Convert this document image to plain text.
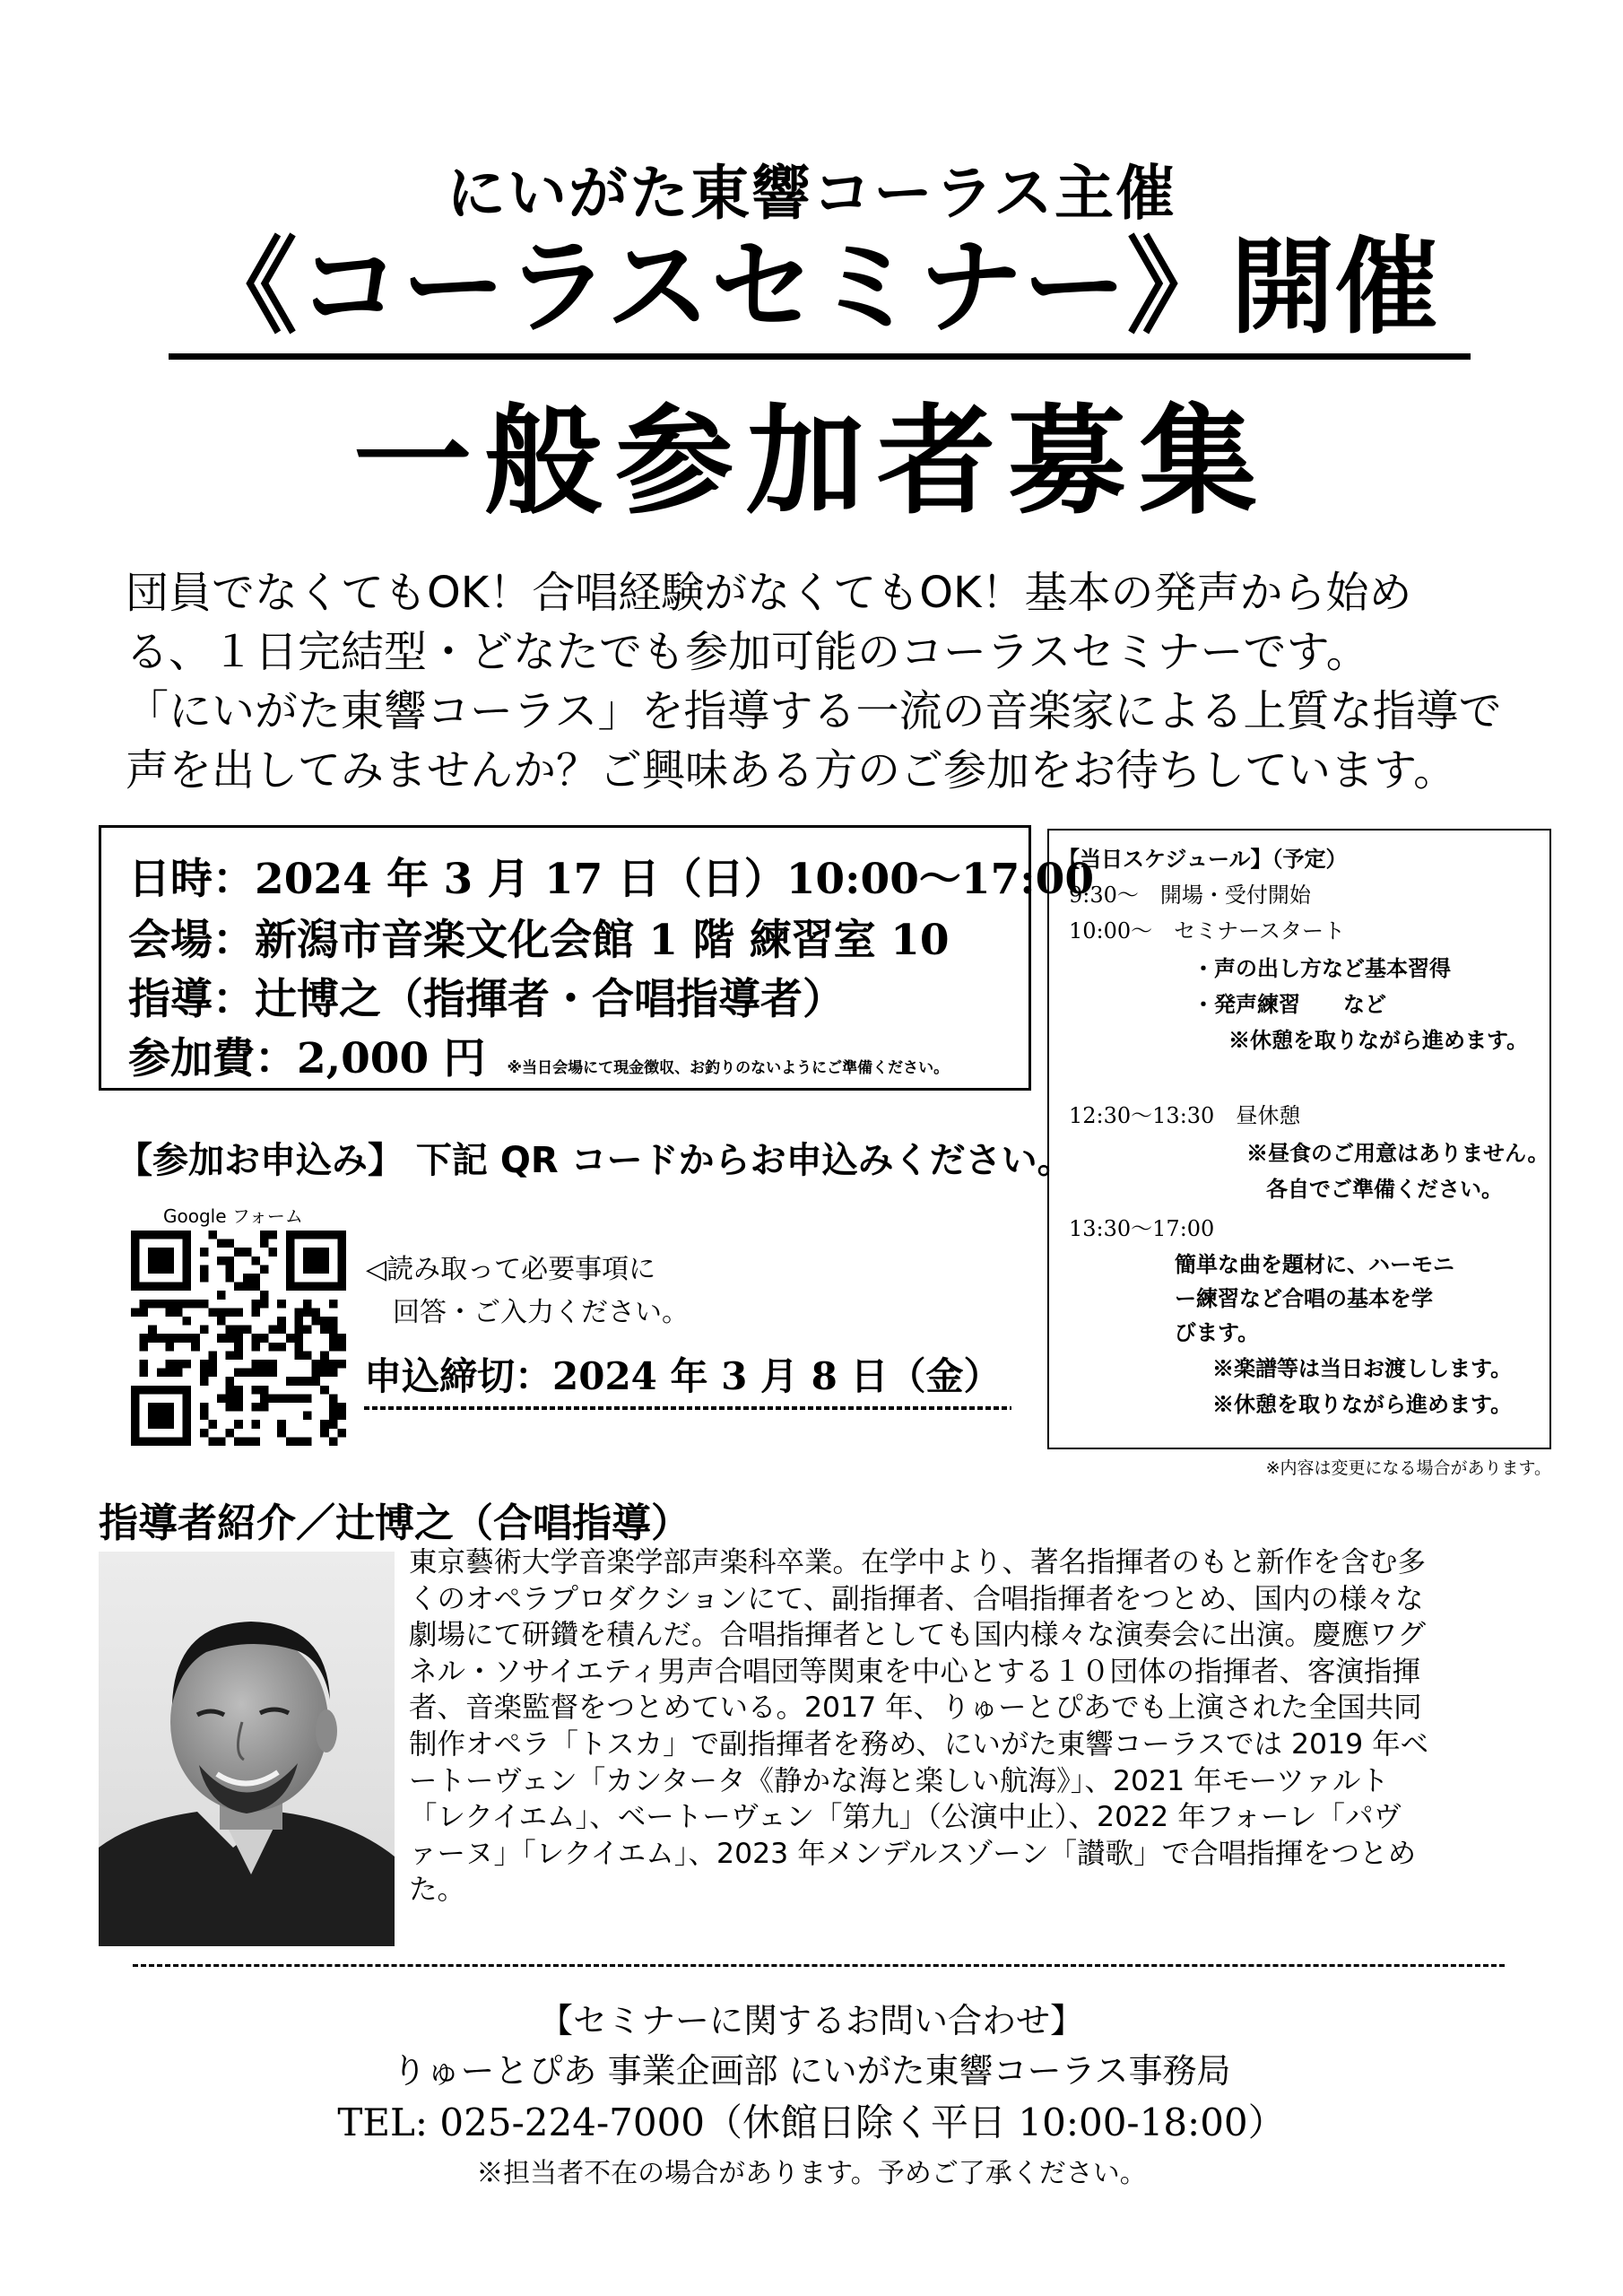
にいがた東響コーラス主催
《コーラスセミナー》開催
一般参加者募集
団員でなくてもOK！合唱経験がなくてもOK！基本の発声から始め
る、１日完結型・どなたでも参加可能のコーラスセミナーです。
「にいがた東響コーラス」を指導する一流の音楽家による上質な指導で
声を出してみませんか？ご興味ある方のご参加をお待ちしています。
日時：2024 年 3 月 17 日（日）10:00～17:00
会場：新潟市音楽文化会館 1 階 練習室 10
指導：辻博之（指揮者・合唱指導者）
参加費：2,000 円 ※当日会場にて現金徴収、お釣りのないようにご準備ください。
【当日スケジュール】（予定）
9:30～　開場・受付開始
10:00～　セミナースタート
・声の出し方など基本習得
・発声練習　　など
※休憩を取りながら進めます。
12:30～13:30　昼休憩
※昼食のご用意はありません。
各自でご準備ください。
13:30～17:00
簡単な曲を題材に、ハーモニ
ー練習など合唱の基本を学
びます。
※楽譜等は当日お渡しします。
※休憩を取りながら進めます。
※内容は変更になる場合があります。
【参加お申込み】 下記 QR コードからお申込みください。
Google フォーム
◁読み取って必要事項に
回答・ご入力ください。
申込締切：2024 年 3 月 8 日（金）
指導者紹介／辻博之（合唱指導）
東京藝術大学音楽学部声楽科卒業。在学中より、著名指揮者のもと新作を含む多
くのオペラプロダクションにて、副指揮者、合唱指揮者をつとめ、国内の様々な
劇場にて研鑽を積んだ。合唱指揮者としても国内様々な演奏会に出演。慶應ワグ
ネル・ソサイエティ男声合唱団等関東を中心とする１０団体の指揮者、客演指揮
者、音楽監督をつとめている。2017 年、りゅーとぴあでも上演された全国共同
制作オペラ「トスカ」で副指揮者を務め、にいがた東響コーラスでは 2019 年ベ
ートーヴェン「カンタータ《静かな海と楽しい航海》」、2021 年モーツァルト
「レクイエム」、ベートーヴェン「第九」（公演中止）、2022 年フォーレ「パヴ
ァーヌ」「レクイエム」、2023 年メンデルスゾーン「讃歌」で合唱指揮をつとめ
た。
【セミナーに関するお問い合わせ】
りゅーとぴあ 事業企画部 にいがた東響コーラス事務局
TEL: 025-224-7000（休館日除く平日 10:00-18:00）
※担当者不在の場合があります。予めご了承ください。
